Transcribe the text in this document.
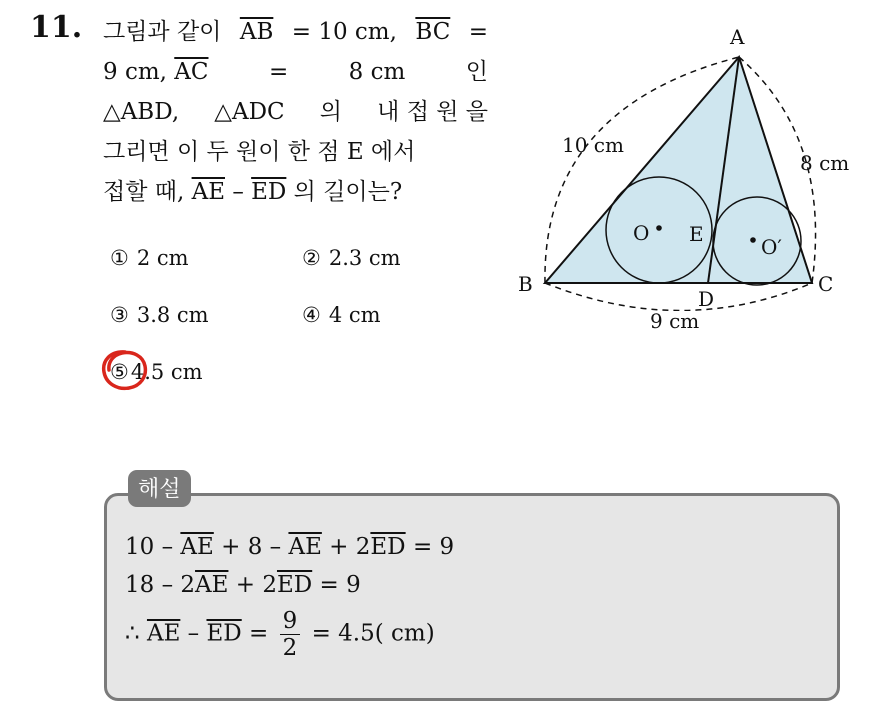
11. 그림과 같이 $\overline{AB} = 10$ cm, $\overline{BC}$ =
9 cm, $\overline{AC}$	=	8 cm	인
△ABD, △ADC 의 내 접 원 을
그리면 이 두 원이 한 점 E 에서
접할 때, $\overline{AE} - \overline{ED}$ 의 길이는?
① 2 cm	② 2.3 cm
③ 3.8 cm	④ 4 cm
⑤4.5 cm
A
B	C
D
E
O
O′
10 cm
8 cm
9 cm
해설
$10 - \overline{AE} + 8 - \overline{AE} + 2\overline{ED} = 9$
$18 - 2\overline{AE} + 2\overline{ED} = 9$
∴ $\overline{AE} - \overline{ED} = \frac{9}{2} = 4.5$( cm)
